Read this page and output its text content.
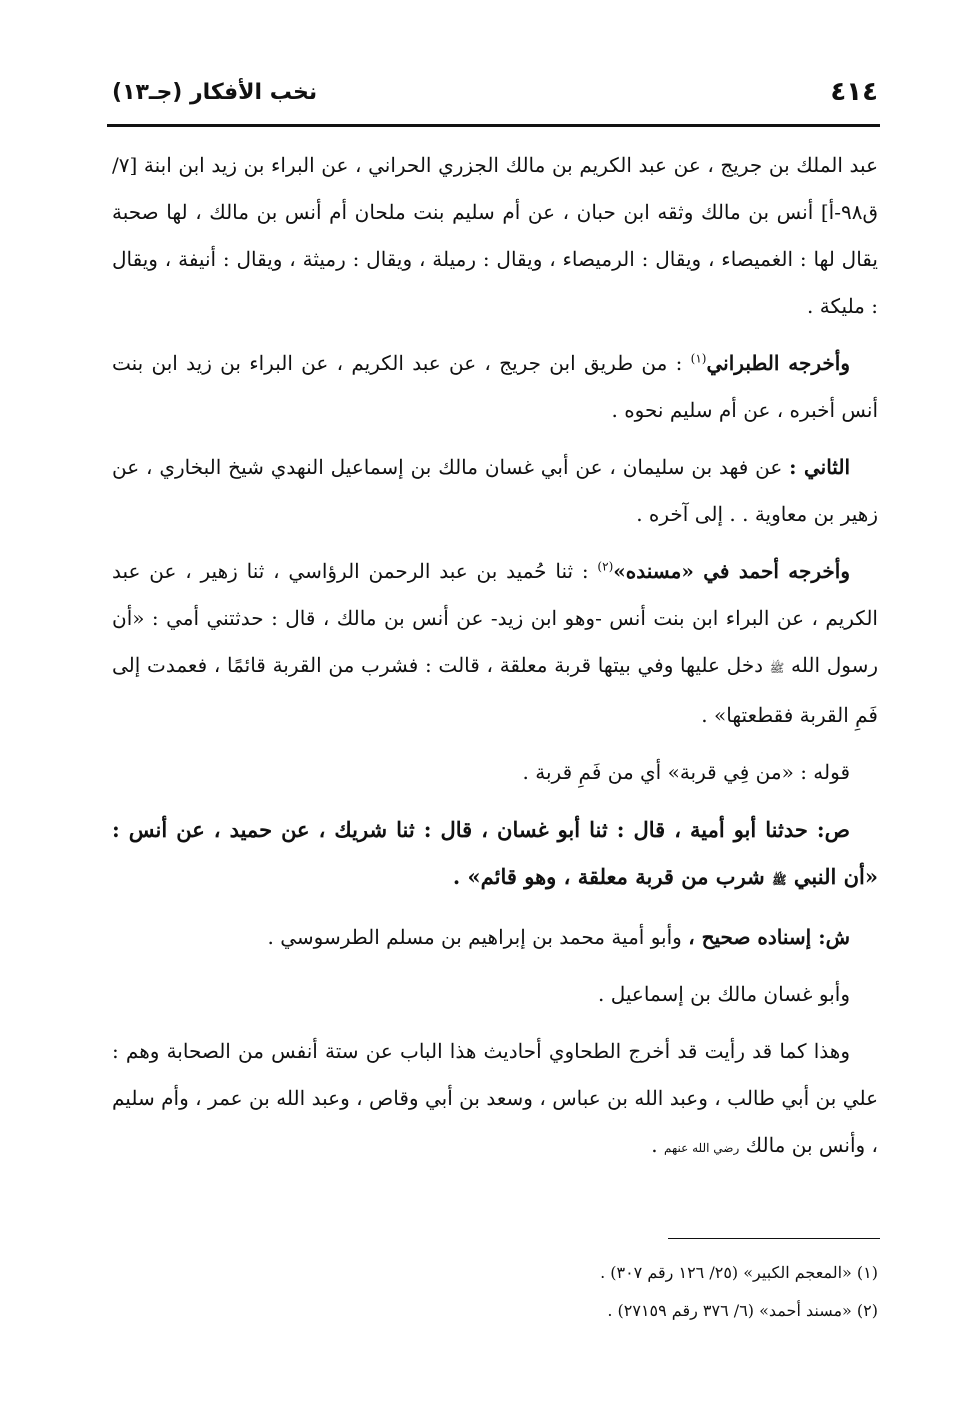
٤١٤
نخب الأفكار (جـ١٣)

عبد الملك بن جريج ، عن عبد الكريم بن مالك الجزري الحراني ، عن البراء بن زيد ابن ابنة [٧/ ق٩٨-أ] أنس بن مالك وثقه ابن حبان ، عن أم سليم بنت ملحان أم أنس بن مالك ، لها صحبة يقال لها : الغميصاء ، ويقال : الرميصاء ، ويقال : رميلة ، ويقال : رميثة ، ويقال : أنيفة ، ويقال : مليكة .

وأخرجه الطبراني$^{(١)}$ : من طريق ابن جريج ، عن عبد الكريم ، عن البراء بن زيد ابن بنت أنس أخبره ، عن أم سليم نحوه .

الثاني : عن فهد بن سليمان ، عن أبي غسان مالك بن إسماعيل النهدي شيخ البخاري ، عن زهير بن معاوية . . إلى آخره .

وأخرجه أحمد في «مسنده»$^{(٢)}$ : ثنا حُميد بن عبد الرحمن الرؤاسي ، ثنا زهير ، عن عبد الكريم ، عن البراء ابن بنت أنس -وهو ابن زيد- عن أنس بن مالك ، قال : حدثتني أمي : «أن رسول الله ﷺ دخل عليها وفي بيتها قربة معلقة ، قالت : فشرب من القربة قائمًا ، فعمدت إلى فَمِ القربة فقطعتها» .

قوله : «من فِي قربة» أي من فَمِ قربة .

ص: حدثنا أبو أمية ، قال : ثنا أبو غسان ، قال : ثنا شريك ، عن حميد ، عن أنس : «أن النبي ﷺ شرب من قربة معلقة ، وهو قائم» .

ش: إسناده صحيح ، وأبو أمية محمد بن إبراهيم بن مسلم الطرسوسي .

وأبو غسان مالك بن إسماعيل .

وهذا كما قد رأيت قد أخرج الطحاوي أحاديث هذا الباب عن ستة أنفس من الصحابة وهم : علي بن أبي طالب ، وعبد الله بن عباس ، وسعد بن أبي وقاص ، وعبد الله بن عمر ، وأم سليم ، وأنس بن مالك رضي الله عنهم .

(١) «المعجم الكبير» (٢٥/ ١٢٦ رقم ٣٠٧) .
(٢) «مسند أحمد» (٦/ ٣٧٦ رقم ٢٧١٥٩) .
